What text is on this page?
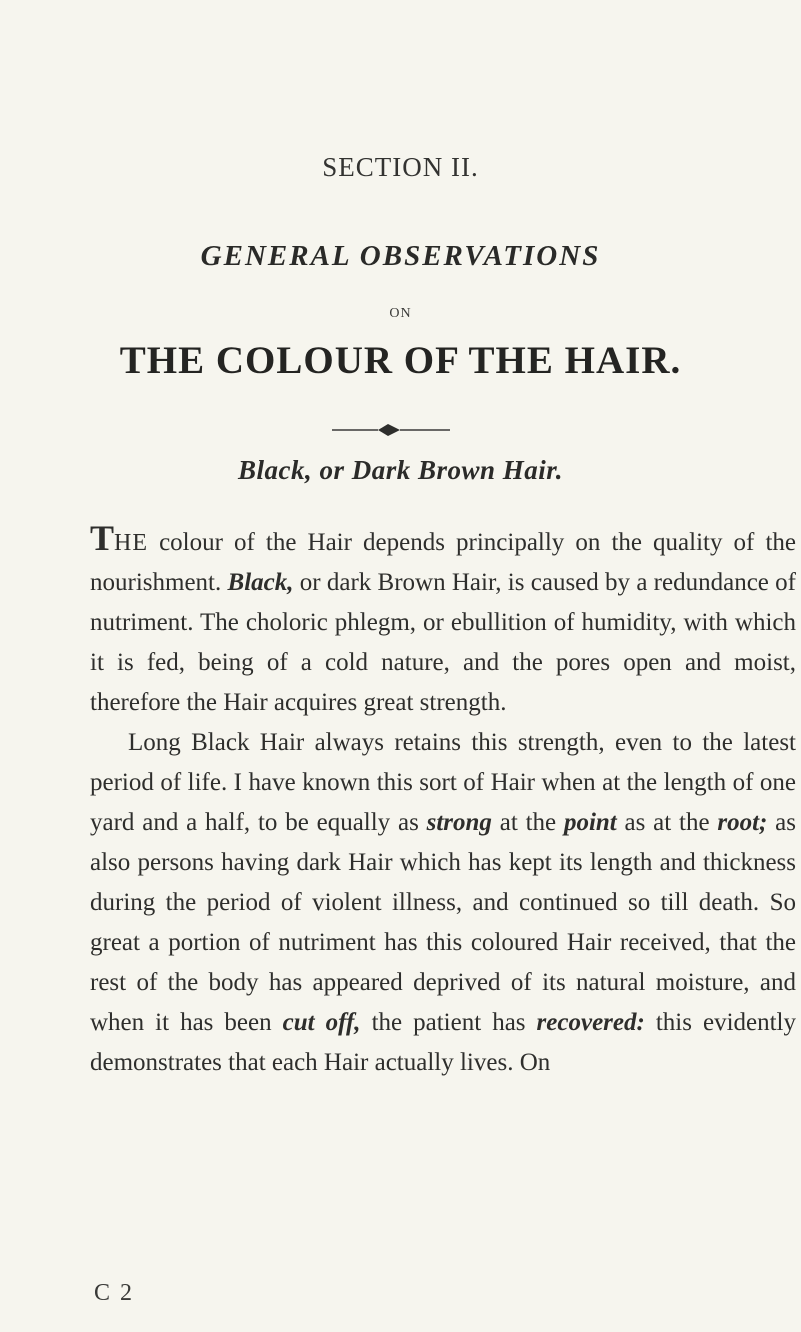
SECTION II.
GENERAL OBSERVATIONS
ON
THE COLOUR OF THE HAIR.
Black, or Dark Brown Hair.

THE colour of the Hair depends principally on the quality of the nourishment. Black, or dark Brown Hair, is caused by a redundance of nutriment. The choloric phlegm, or ebullition of humidity, with which it is fed, being of a cold nature, and the pores open and moist, therefore the Hair acquires great strength.

Long Black Hair always retains this strength, even to the latest period of life. I have known this sort of Hair when at the length of one yard and a half, to be equally as strong at the point as at the root; as also persons having dark Hair which has kept its length and thickness during the period of violent illness, and continued so till death. So great a portion of nutriment has this coloured Hair received, that the rest of the body has appeared deprived of its natural moisture, and when it has been cut off, the patient has recovered: this evidently demonstrates that each Hair actually lives. On

C 2
